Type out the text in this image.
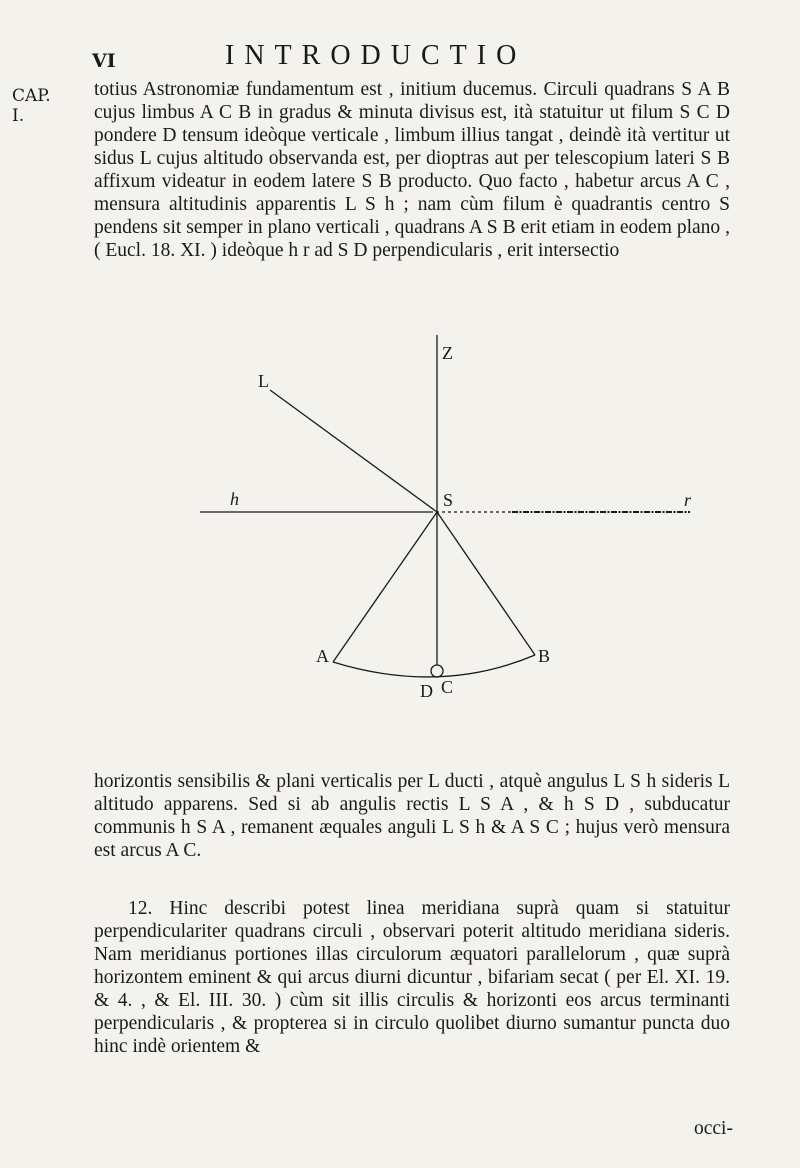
VI	INTRODUCTIO
CAP.
I.

totius Astronomiæ fundamentum est , initium ducemus. Circuli quadrans S A B cujus limbus A C B in gradus & minuta divisus est, ità statuitur ut filum S C D pondere D tensum ideòque verticale , limbum illius tangat , deindè ità vertitur ut sidus L cujus altitudo observanda est, per dioptras aut per telescopium lateri S B affixum videatur in eodem latere S B producto. Quo facto , habetur arcus A C , mensura altitudinis apparentis L S h ; nam cùm filum è quadrantis centro S pendens sit semper in plano verticali , quadrans A S B erit etiam in eodem plano , ( Eucl. 18. XI. ) ideòque h r ad S D perpendicularis , erit intersectio

Z
L
h	S	r
A	B
C
D

horizontis sensibilis & plani verticalis per L ducti , atquè angulus L S h sideris L altitudo apparens. Sed si ab angulis rectis L S A , & h S D , subducatur communis h S A , remanent æquales anguli L S h & A S C ; hujus verò mensura est arcus A C.

12. Hinc describi potest linea meridiana suprà quam si statuitur perpendiculariter quadrans circuli , observari poterit altitudo meridiana sideris. Nam meridianus portiones illas circulorum æquatori parallelorum , quæ suprà horizontem eminent & qui arcus diurni dicuntur , bifariam secat ( per El. XI. 19. & 4. , & El. III. 30. ) cùm sit illis circulis & horizonti eos arcus terminanti perpendicularis , & propterea si in circulo quolibet diurno sumantur puncta duo hinc indè orientem &

occi-
